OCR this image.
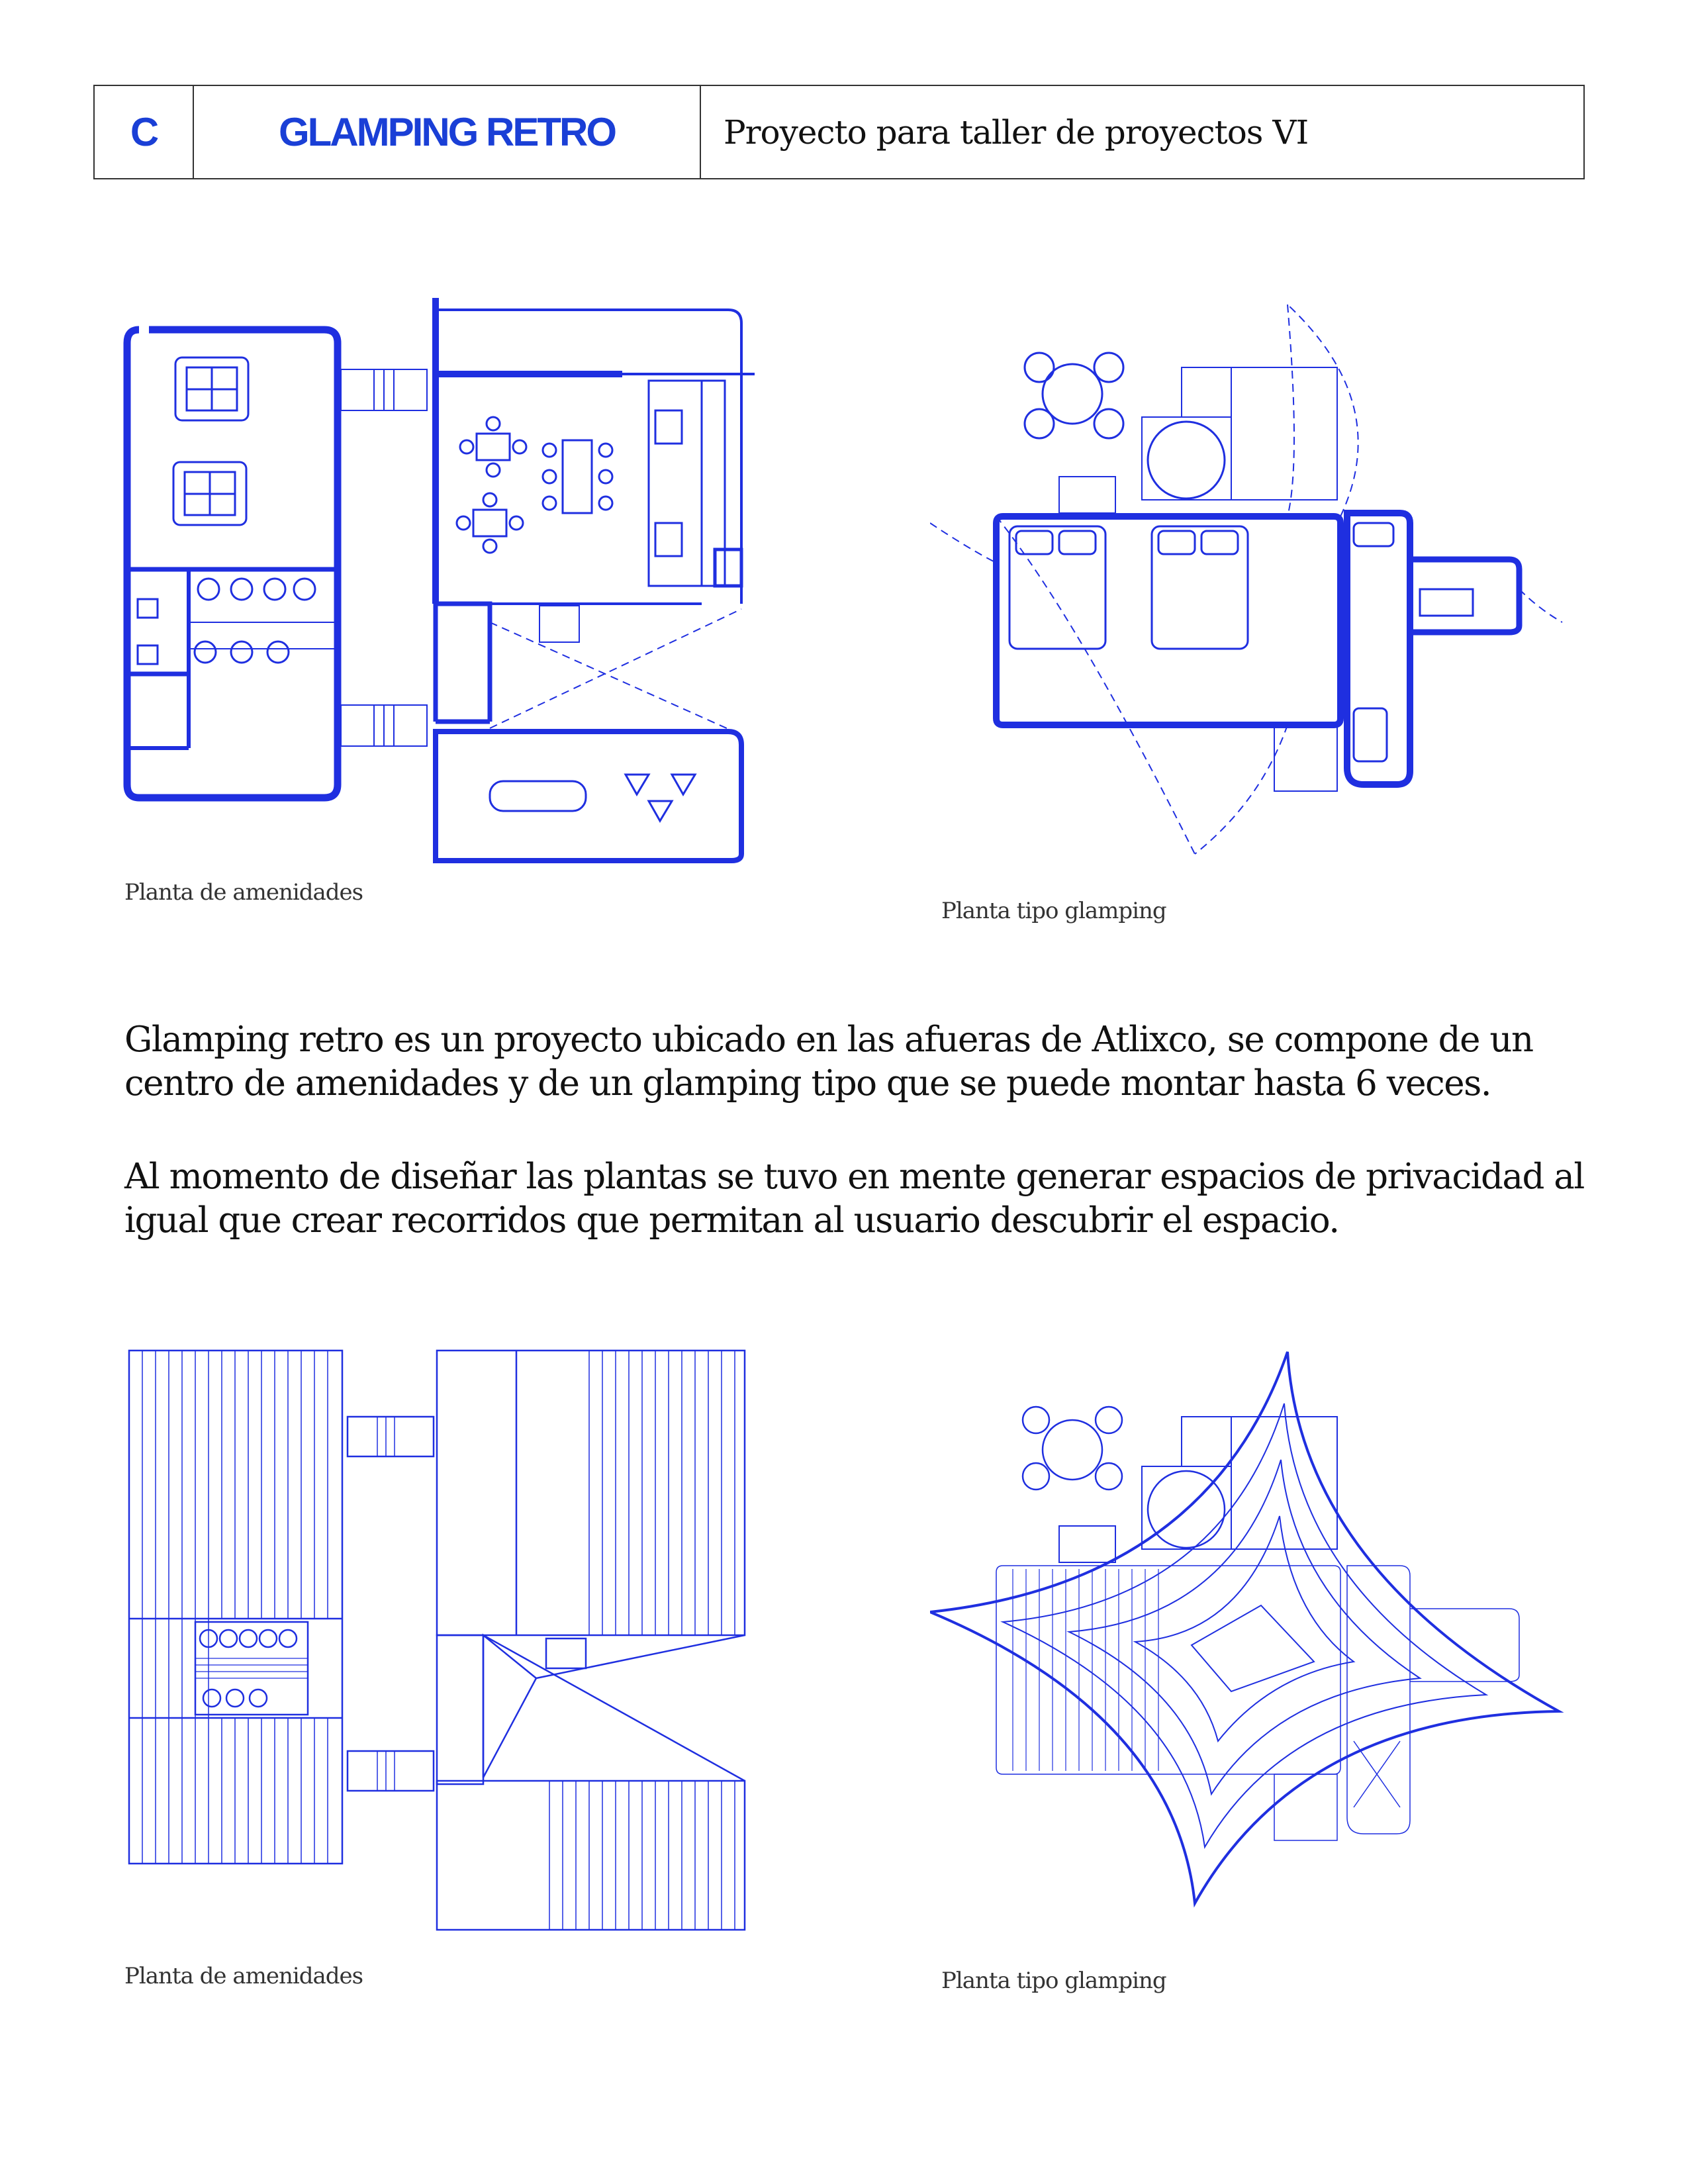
C	GLAMPING RETRO	Proyecto para taller de proyectos VI
Planta de amenidades
Planta tipo glamping

Glamping retro es un proyecto ubicado en las afueras de Atlixco, se compone de un centro de amenidades y de un glamping tipo que se puede montar hasta 6 veces.

Al momento de diseñar las plantas se tuvo en mente generar espacios de privacidad al igual que crear recorridos que permitan al usuario descubrir el espacio.

Planta de amenidades	Planta tipo glamping
